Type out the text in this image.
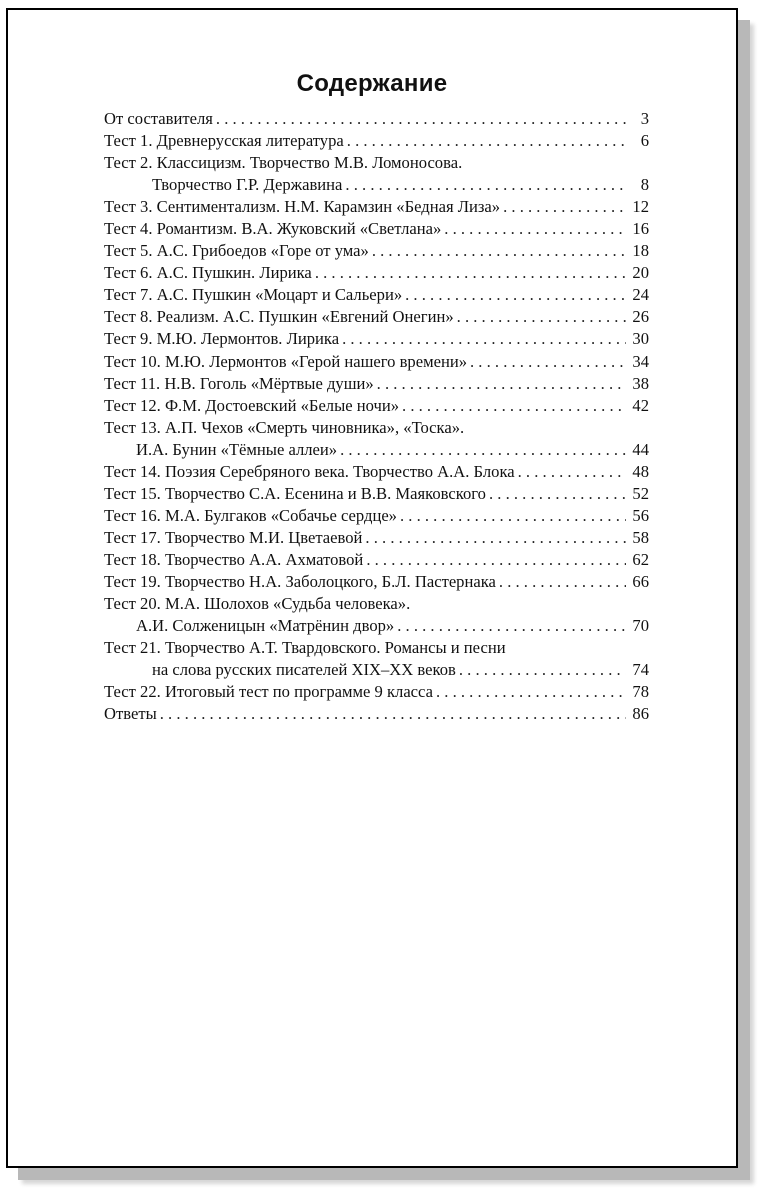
Содержание
От составителя . . .	3
Тест 1. Древнерусская литература . . .	6
Тест 2. Классицизм. Творчество М.В. Ломоносова.
Творчество Г.Р. Державина . . .	8
Тест 3. Сентиментализм. Н.М. Карамзин «Бедная Лиза» . . .	12
Тест 4. Романтизм. В.А. Жуковский «Светлана» . . .	16
Тест 5. А.С. Грибоедов «Горе от ума» . . .	18
Тест 6. А.С. Пушкин. Лирика . . .	20
Тест 7. А.С. Пушкин «Моцарт и Сальери» . . .	24
Тест 8. Реализм. А.С. Пушкин «Евгений Онегин» . . .	26
Тест 9. М.Ю. Лермонтов. Лирика . . .	30
Тест 10. М.Ю. Лермонтов «Герой нашего времени» . . .	34
Тест 11. Н.В. Гоголь «Мёртвые души» . . .	38
Тест 12. Ф.М. Достоевский «Белые ночи» . . .	42
Тест 13. А.П. Чехов «Смерть чиновника», «Тоска».
И.А. Бунин «Тёмные аллеи» . . .	44
Тест 14. Поэзия Серебряного века. Творчество А.А. Блока . . .	48
Тест 15. Творчество С.А. Есенина и В.В. Маяковского . . .	52
Тест 16. М.А. Булгаков «Собачье сердце» . . .	56
Тест 17. Творчество М.И. Цветаевой . . .	58
Тест 18. Творчество А.А. Ахматовой . . .	62
Тест 19. Творчество Н.А. Заболоцкого, Б.Л. Пастернака . . .	66
Тест 20. М.А. Шолохов «Судьба человека».
А.И. Солженицын «Матрёнин двор» . . .	70
Тест 21. Творчество А.Т. Твардовского. Романсы и песни
на слова русских писателей XIX–XX веков . . .	74
Тест 22. Итоговый тест по программе 9 класса . . .	78
Ответы . . .	86
